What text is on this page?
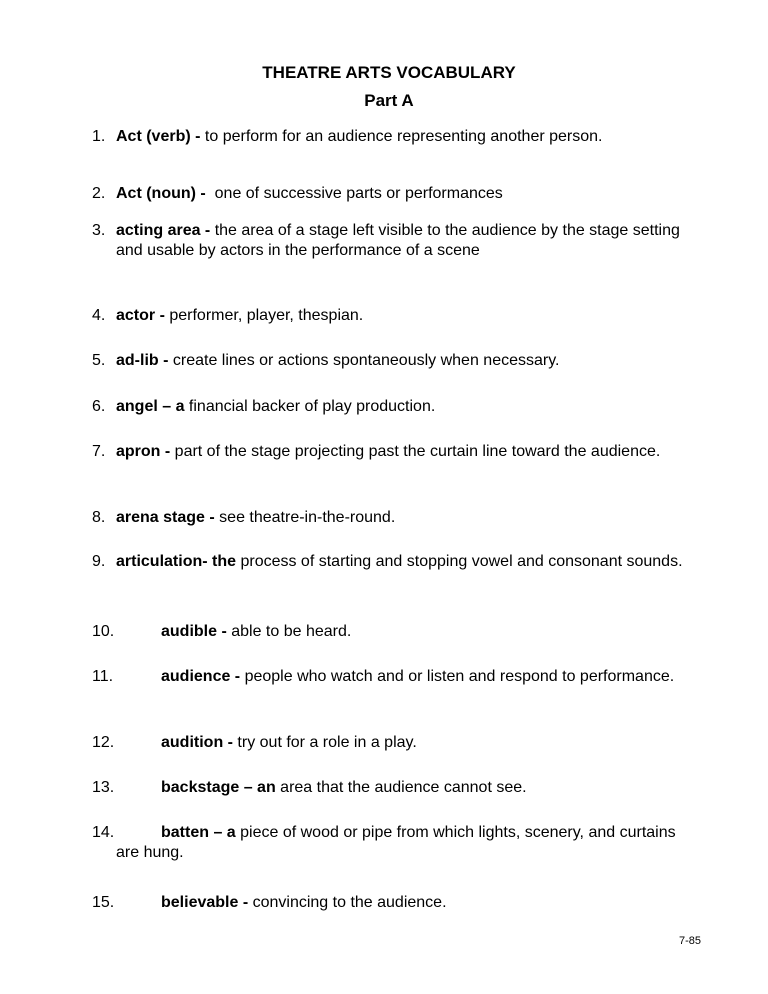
THEATRE ARTS VOCABULARY
Part A
1. Act (verb) - to perform for an audience representing another person.
2. Act (noun) -  one of successive parts or performances
3. acting area - the area of a stage left visible to the audience by the stage setting and usable by actors in the performance of a scene
4. actor - performer, player, thespian.
5. ad-lib - create lines or actions spontaneously when necessary.
6. angel – a financial backer of play production.
7. apron - part of the stage projecting past the curtain line toward the audience.
8. arena stage - see theatre-in-the-round.
9. articulation- the process of starting and stopping vowel and consonant sounds.
10.	audible - able to be heard.
11.	audience - people who watch and or listen and respond to performance.
12.	audition - try out for a role in a play.
13.	backstage – an area that the audience cannot see.
14.	batten – a piece of wood or pipe from which lights, scenery, and curtains are hung.
15.	believable - convincing to the audience.
7-85
